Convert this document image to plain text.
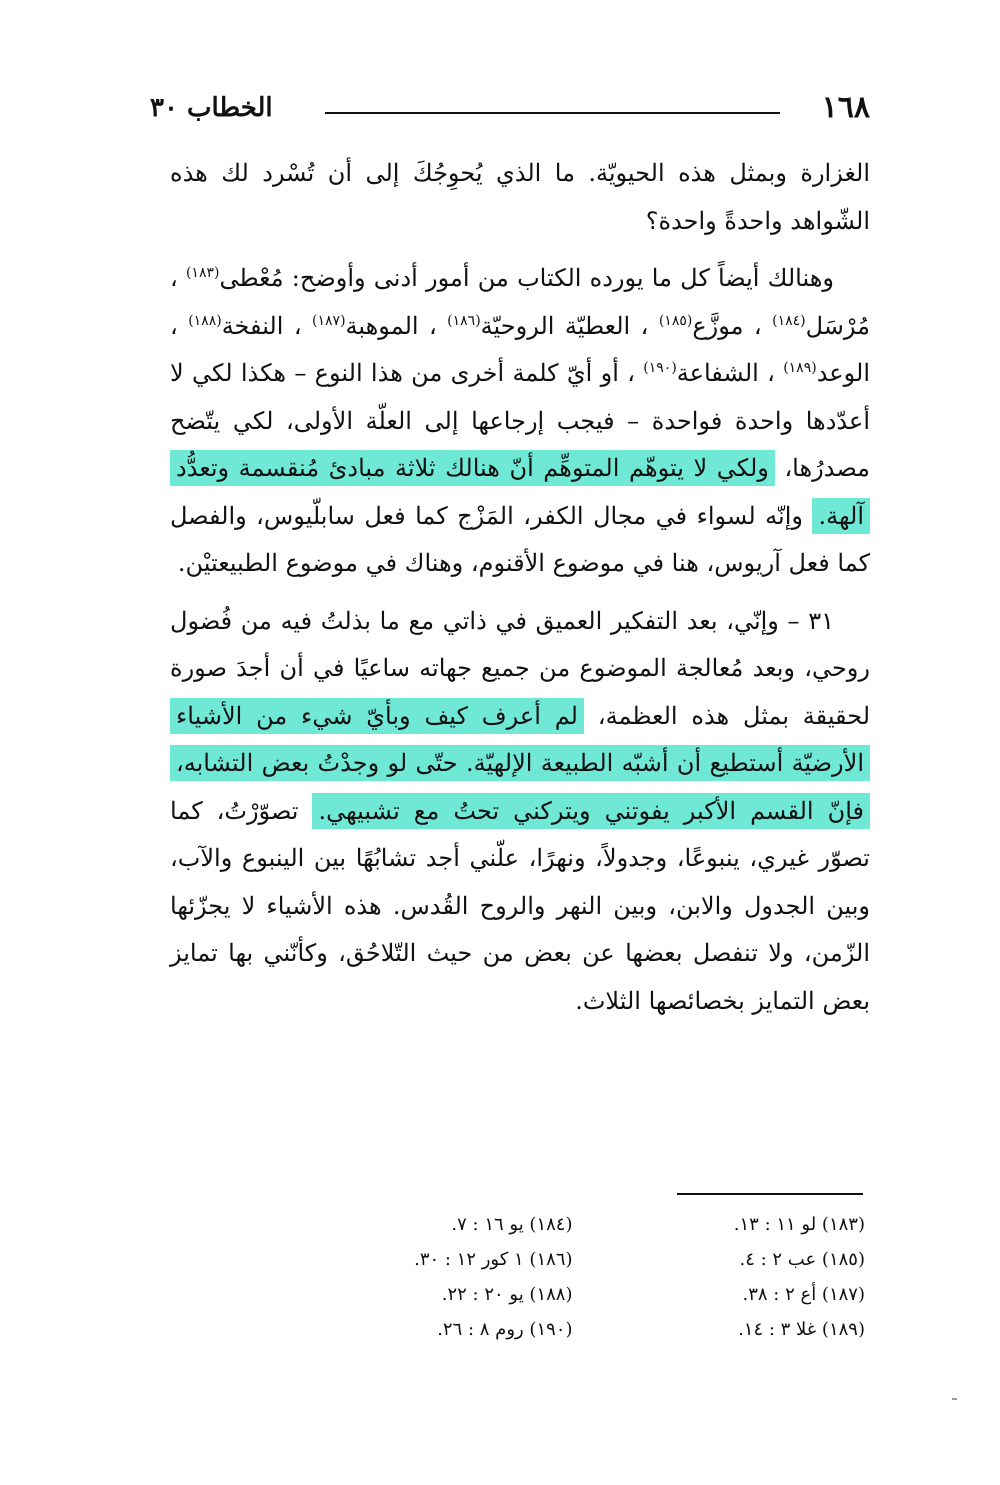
١٦٨
الخطاب ٣٠

الغزارة وبمثل هذه الحيويّة. ما الذي يُحوِجُكَ إلى أن تُسْرد لك هذه الشّواهد واحدةً واحدة؟

وهنالك أيضاً كل ما يورده الكتاب من أمور أدنى وأوضح: مُعْطى$^{(١٨٣)}$ ، مُرْسَل$^{(١٨٤)}$ ، موزَّع$^{(١٨٥)}$ ، العطيّة الروحيّة$^{(١٨٦)}$ ، الموهبة$^{(١٨٧)}$ ، النفخة$^{(١٨٨)}$ ، الوعد$^{(١٨٩)}$ ، الشفاعة$^{(١٩٠)}$ ، أو أيّ كلمة أخرى من هذا النوع – هكذا لكي لا أعدّدها واحدة فواحدة – فيجب إرجاعها إلى العلّة الأولى، لكي يتّضح مصدرُها، ولكي لا يتوهّم المتوهِّم أنّ هنالك ثلاثة مبادئ مُنقسمة وتعدُّد آلهة. وإنّه لسواء في مجال الكفر، المَزْج كما فعل سابلّيوس، والفصل كما فعل آريوس، هنا في موضوع الأقنوم، وهناك في موضوع الطبيعتيْن.

٣١ – وإنّي، بعد التفكير العميق في ذاتي مع ما بذلتُ فيه من فُضول روحي، وبعد مُعالجة الموضوع من جميع جهاته ساعيًا في أن أجدَ صورة لحقيقة بمثل هذه العظمة، لم أعرف كيف وبأيّ شيء من الأشياء الأرضيّة أستطيع أن أشبّه الطبيعة الإلهيّة. حتّى لو وجدْتُ بعض التشابه، فإنّ القسم الأكبر يفوتني ويتركني تحتُ مع تشبيهي. تصوّرْتُ، كما تصوّر غيري، ينبوعًا، وجدولاً، ونهرًا، علّني أجد تشابُهًا بين الينبوع والآب، وبين الجدول والابن، وبين النهر والروح القُدس. هذه الأشياء لا يجزّئها الزّمن، ولا تنفصل بعضها عن بعض من حيث التّلاحُق، وكأنّني بها تمايز بعض التمايز بخصائصها الثلاث.

(١٨٣) لو ١١ : ١٣.
(١٨٤) يو ١٦ : ٧.
(١٨٥) عب ٢ : ٤.
(١٨٦) ١ كور ١٢ : ٣٠.
(١٨٧) أع ٢ : ٣٨.
(١٨٨) يو ٢٠ : ٢٢.
(١٨٩) غلا ٣ : ١٤.
(١٩٠) روم ٨ : ٢٦.
